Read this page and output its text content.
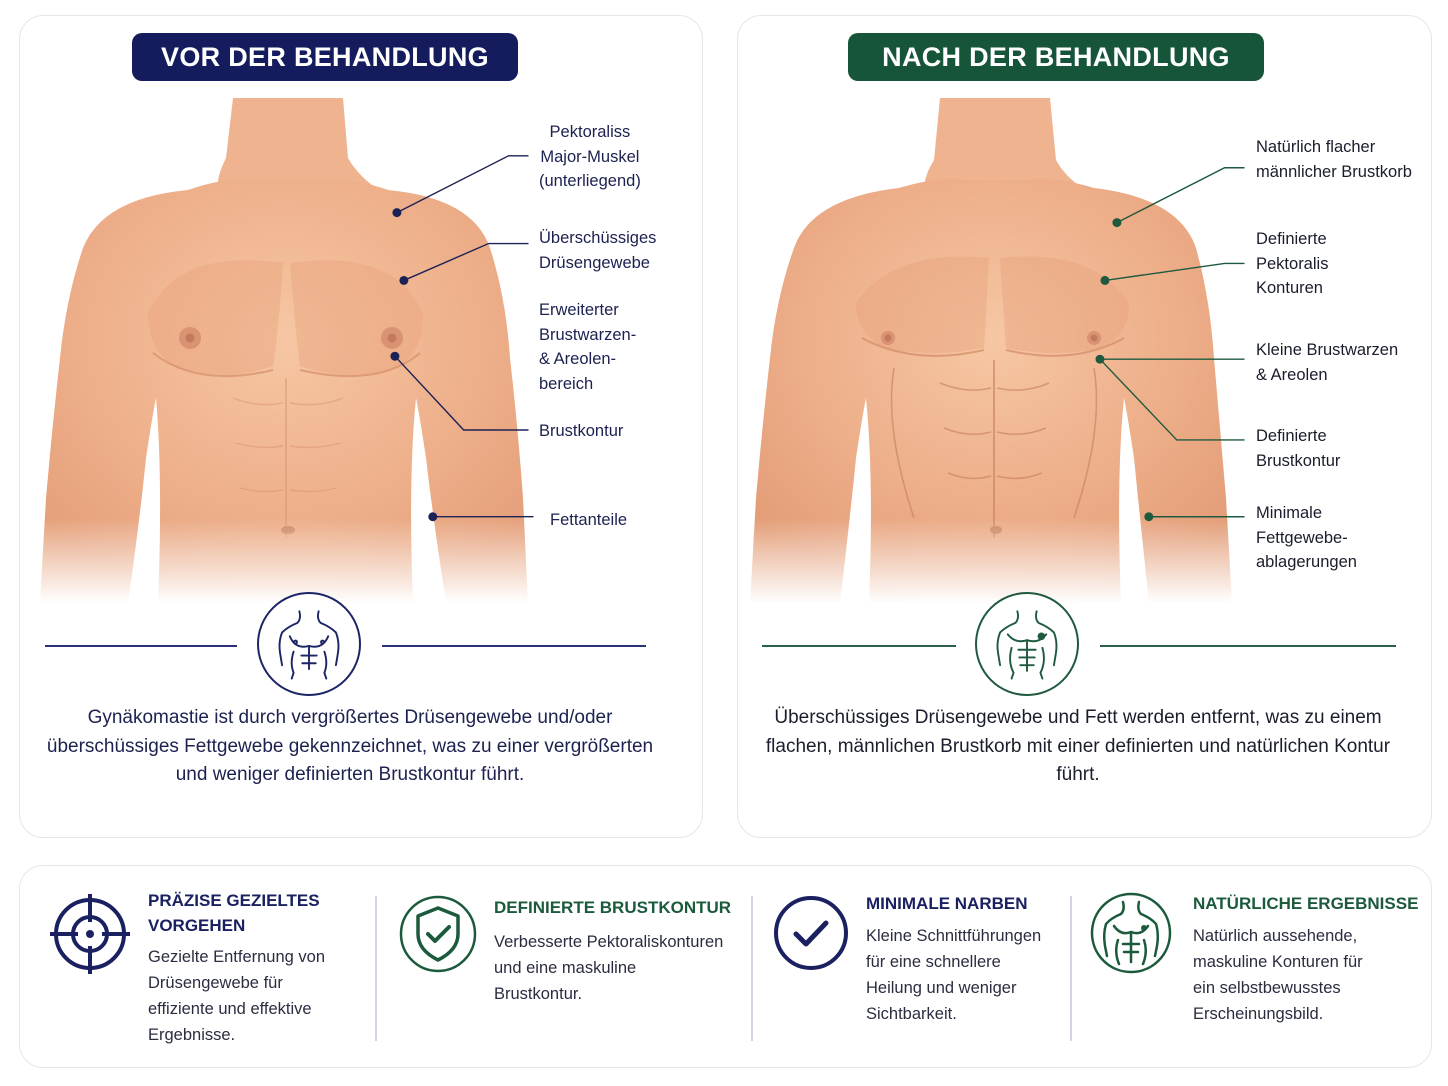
VOR DER BEHANDLUNG
Pektoraliss
Major-Muskel
(unterliegend)
Überschüssiges
Drüsengewebe
Erweiterter
Brustwarzen-
& Areolen-
bereich
Brustkontur
Fettanteile
Gynäkomastie ist durch vergrößertes Drüsengewebe und/oder überschüssiges Fettgewebe gekennzeichnet, was zu einer vergrößerten und weniger definierten Brustkontur führt.
NACH DER BEHANDLUNG
Natürlich flacher
männlicher Brustkorb
Definierte
Pektoralis
Konturen
Kleine Brustwarzen
& Areolen
Definierte
Brustkontur
Minimale
Fettgewebe-
ablagerungen
Überschüssiges Drüsengewebe und Fett werden entfernt, was zu einem flachen, männlichen Brustkorb mit einer definierten und natürlichen Kontur führt.
PRÄZISE GEZIELTES
VORGEHEN
Gezielte Entfernung von
Drüsengewebe für
effiziente und effektive
Ergebnisse.
DEFINIERTE BRUSTKONTUR
Verbesserte Pektoraliskonturen
und eine maskuline
Brustkontur.
MINIMALE NARBEN
Kleine Schnittführungen
für eine schnellere
Heilung und weniger
Sichtbarkeit.
NATÜRLICHE ERGEBNISSE
Natürlich aussehende,
maskuline Konturen für
ein selbstbewusstes
Erscheinungsbild.
